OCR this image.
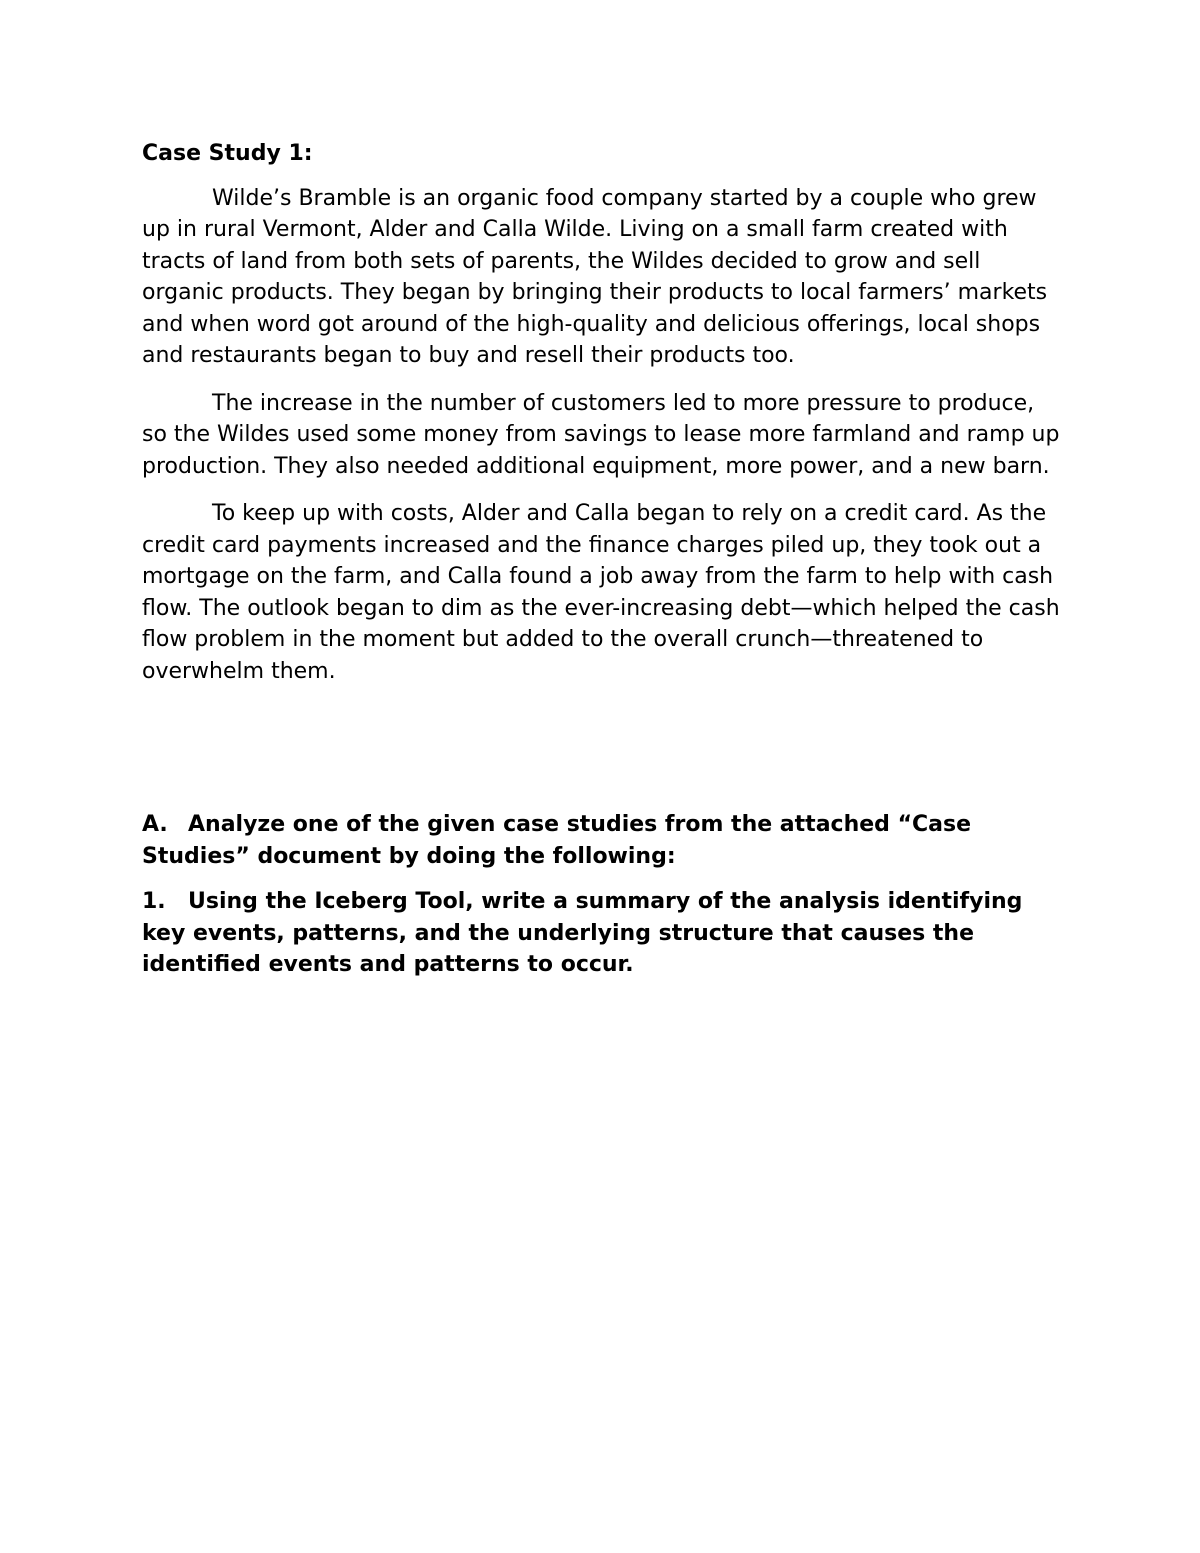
Case Study 1:

Wilde’s Bramble is an organic food company started by a couple who grew up in rural Vermont, Alder and Calla Wilde. Living on a small farm created with tracts of land from both sets of parents, the Wildes decided to grow and sell organic products. They began by bringing their products to local farmers’ markets and when word got around of the high-quality and delicious offerings, local shops and restaurants began to buy and resell their products too.

The increase in the number of customers led to more pressure to produce, so the Wildes used some money from savings to lease more farmland and ramp up production. They also needed additional equipment, more power, and a new barn.

To keep up with costs, Alder and Calla began to rely on a credit card. As the credit card payments increased and the finance charges piled up, they took out a mortgage on the farm, and Calla found a job away from the farm to help with cash flow. The outlook began to dim as the ever-increasing debt—which helped the cash flow problem in the moment but added to the overall crunch—threatened to overwhelm them.

A. Analyze one of the given case studies from the attached “Case Studies” document by doing the following:

1. Using the Iceberg Tool, write a summary of the analysis identifying key events, patterns, and the underlying structure that causes the identified events and patterns to occur.
